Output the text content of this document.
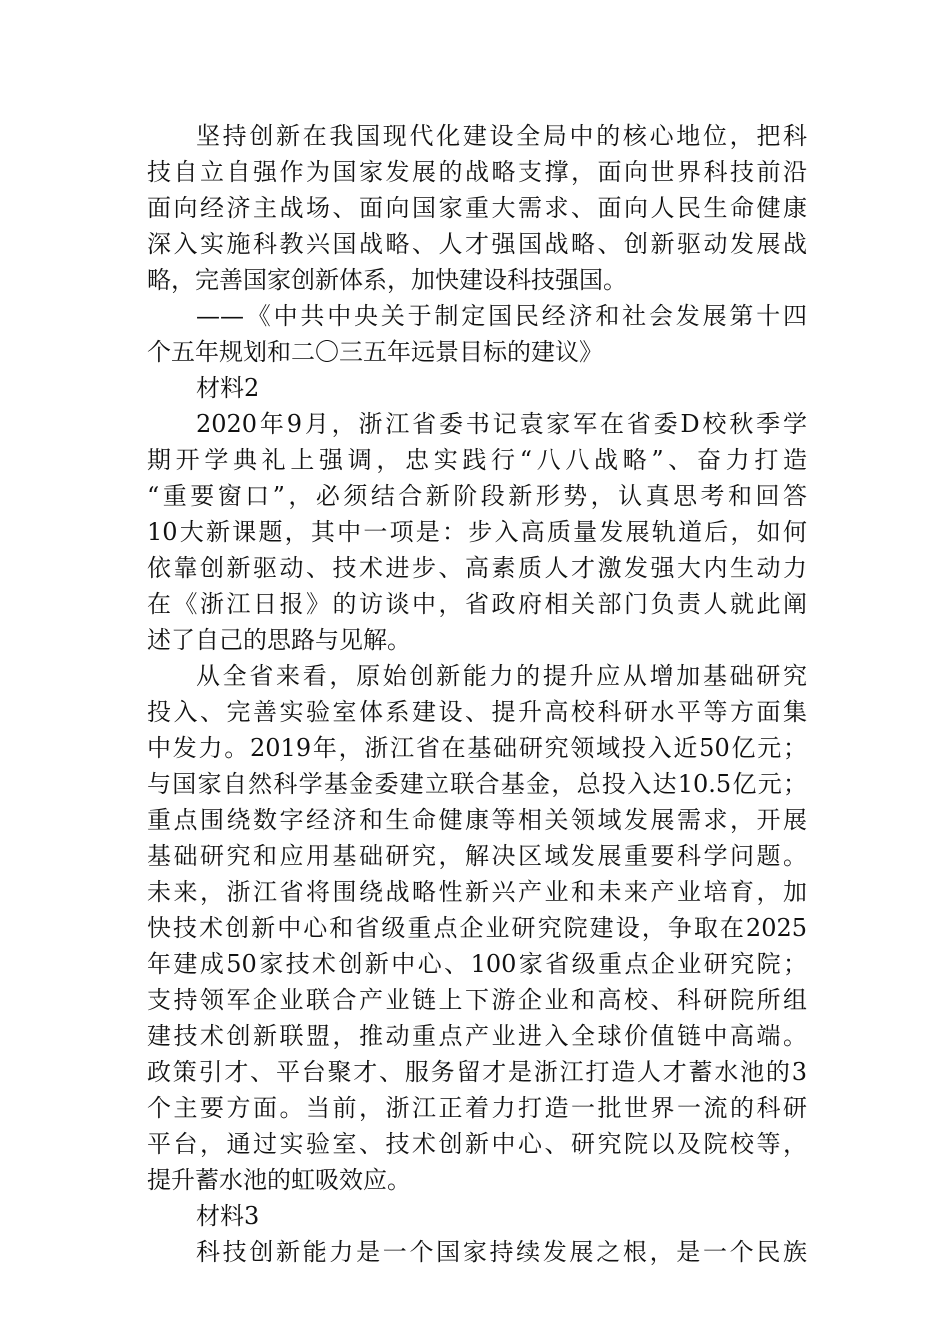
坚持创新在我国现代化建设全局中的核心地位，把科
技自立自强作为国家发展的战略支撑，面向世界科技前沿
面向经济主战场、面向国家重大需求、面向人民生命健康
深入实施科教兴国战略、人才强国战略、创新驱动发展战
略，完善国家创新体系，加快建设科技强国。
——《中共中央关于制定国民经济和社会发展第十四
个五年规划和二〇三五年远景目标的建议》
材料2
2020年9月，浙江省委书记袁家军在省委D校秋季学
期开学典礼上强调，忠实践行“八八战略”、奋力打造
“重要窗口”，必须结合新阶段新形势，认真思考和回答
10大新课题，其中一项是：步入高质量发展轨道后，如何
依靠创新驱动、技术进步、高素质人才激发强大内生动力
在《浙江日报》的访谈中，省政府相关部门负责人就此阐
述了自己的思路与见解。
从全省来看，原始创新能力的提升应从增加基础研究
投入、完善实验室体系建设、提升高校科研水平等方面集
中发力。2019年，浙江省在基础研究领域投入近50亿元；
与国家自然科学基金委建立联合基金，总投入达10.5亿元；
重点围绕数字经济和生命健康等相关领域发展需求，开展
基础研究和应用基础研究，解决区域发展重要科学问题。
未来，浙江省将围绕战略性新兴产业和未来产业培育，加
快技术创新中心和省级重点企业研究院建设，争取在2025
年建成50家技术创新中心、100家省级重点企业研究院；
支持领军企业联合产业链上下游企业和高校、科研院所组
建技术创新联盟，推动重点产业进入全球价值链中高端。
政策引才、平台聚才、服务留才是浙江打造人才蓄水池的3
个主要方面。当前，浙江正着力打造一批世界一流的科研
平台，通过实验室、技术创新中心、研究院以及院校等，
提升蓄水池的虹吸效应。
材料3
科技创新能力是一个国家持续发展之根，是一个民族
